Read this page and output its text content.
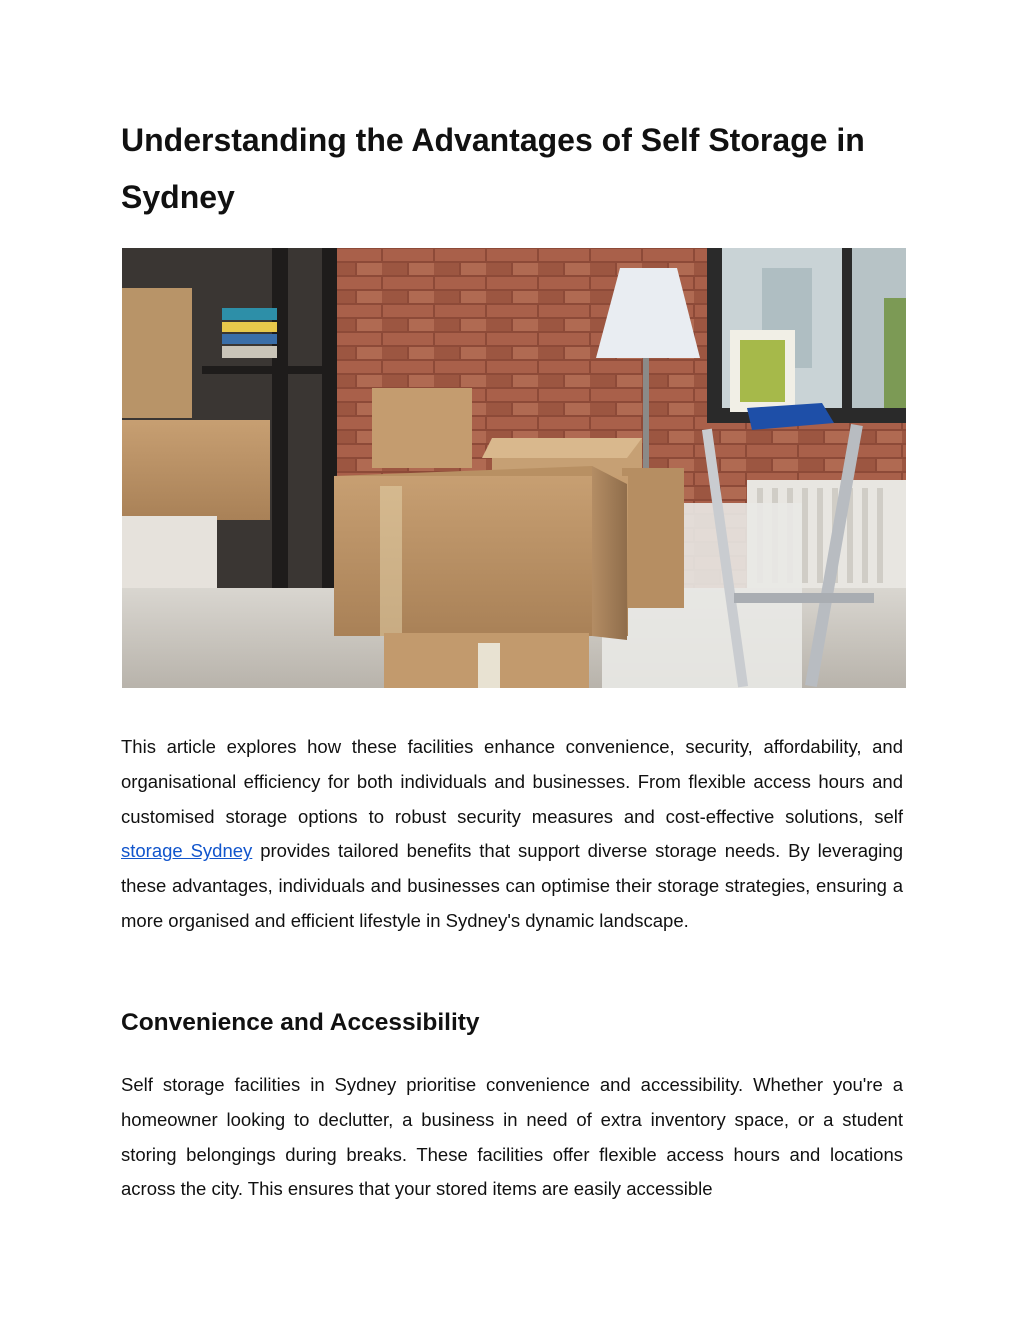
Understanding the Advantages of Self Storage in Sydney

This article explores how these facilities enhance convenience, security, affordability, and organisational efficiency for both individuals and businesses. From flexible access hours and customised storage options to robust security measures and cost-effective solutions, self storage Sydney provides tailored benefits that support diverse storage needs. By leveraging these advantages, individuals and businesses can optimise their storage strategies, ensuring a more organised and efficient lifestyle in Sydney's dynamic landscape.

Convenience and Accessibility

Self storage facilities in Sydney prioritise convenience and accessibility. Whether you're a homeowner looking to declutter, a business in need of extra inventory space, or a student storing belongings during breaks. These facilities offer flexible access hours and locations across the city. This ensures that your stored items are easily accessible
